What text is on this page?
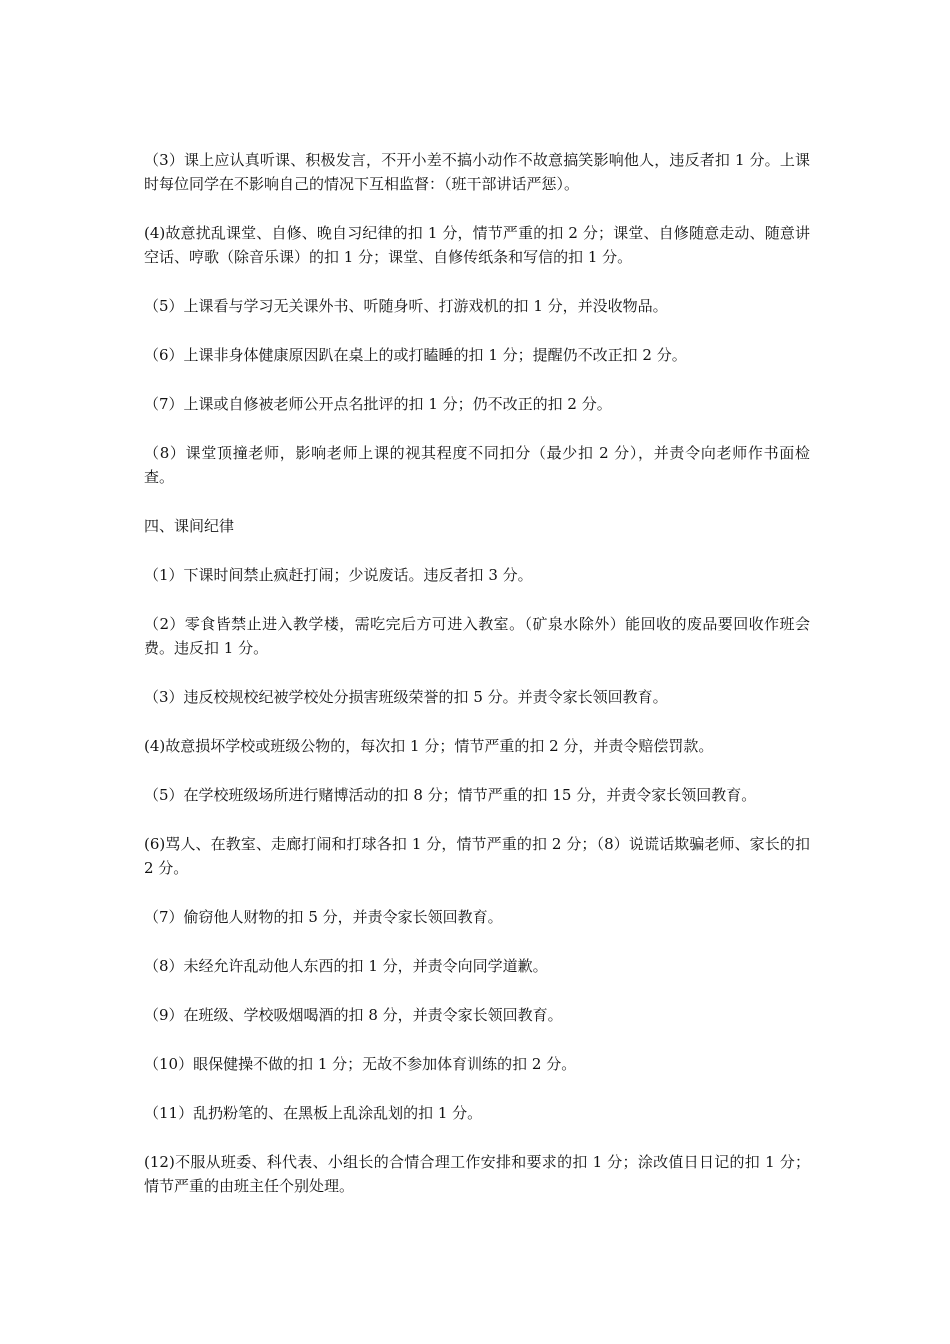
（3）课上应认真听课、积极发言，不开小差不搞小动作不故意搞笑影响他人，违反者扣 1 分。上课时每位同学在不影响自己的情况下互相监督：（班干部讲话严惩）。

(4)故意扰乱课堂、自修、晚自习纪律的扣 1 分，情节严重的扣 2 分；课堂、自修随意走动、随意讲空话、哼歌（除音乐课）的扣 1 分；课堂、自修传纸条和写信的扣 1 分。

（5）上课看与学习无关课外书、听随身听、打游戏机的扣 1 分，并没收物品。

（6）上课非身体健康原因趴在桌上的或打瞌睡的扣 1 分；提醒仍不改正扣 2 分。

（7）上课或自修被老师公开点名批评的扣 1 分；仍不改正的扣 2 分。

（8）课堂顶撞老师，影响老师上课的视其程度不同扣分（最少扣 2 分），并责令向老师作书面检查。

四、课间纪律

（1）下课时间禁止疯赶打闹；少说废话。违反者扣 3 分。

（2）零食皆禁止进入教学楼，需吃完后方可进入教室。（矿泉水除外）能回收的废品要回收作班会费。违反扣 1 分。

（3）违反校规校纪被学校处分损害班级荣誉的扣 5 分。并责令家长领回教育。

(4)故意损坏学校或班级公物的，每次扣 1 分；情节严重的扣 2 分，并责令赔偿罚款。

（5）在学校班级场所进行赌博活动的扣 8 分；情节严重的扣 15 分，并责令家长领回教育。

(6)骂人、在教室、走廊打闹和打球各扣 1 分，情节严重的扣 2 分；（8）说谎话欺骗老师、家长的扣 2 分。

（7）偷窃他人财物的扣 5 分，并责令家长领回教育。

（8）未经允许乱动他人东西的扣 1 分，并责令向同学道歉。

（9）在班级、学校吸烟喝酒的扣 8 分，并责令家长领回教育。

（10）眼保健操不做的扣 1 分；无故不参加体育训练的扣 2 分。

（11）乱扔粉笔的、在黑板上乱涂乱划的扣 1 分。

(12)不服从班委、科代表、小组长的合情合理工作安排和要求的扣 1 分；涂改值日日记的扣 1 分；情节严重的由班主任个别处理。
